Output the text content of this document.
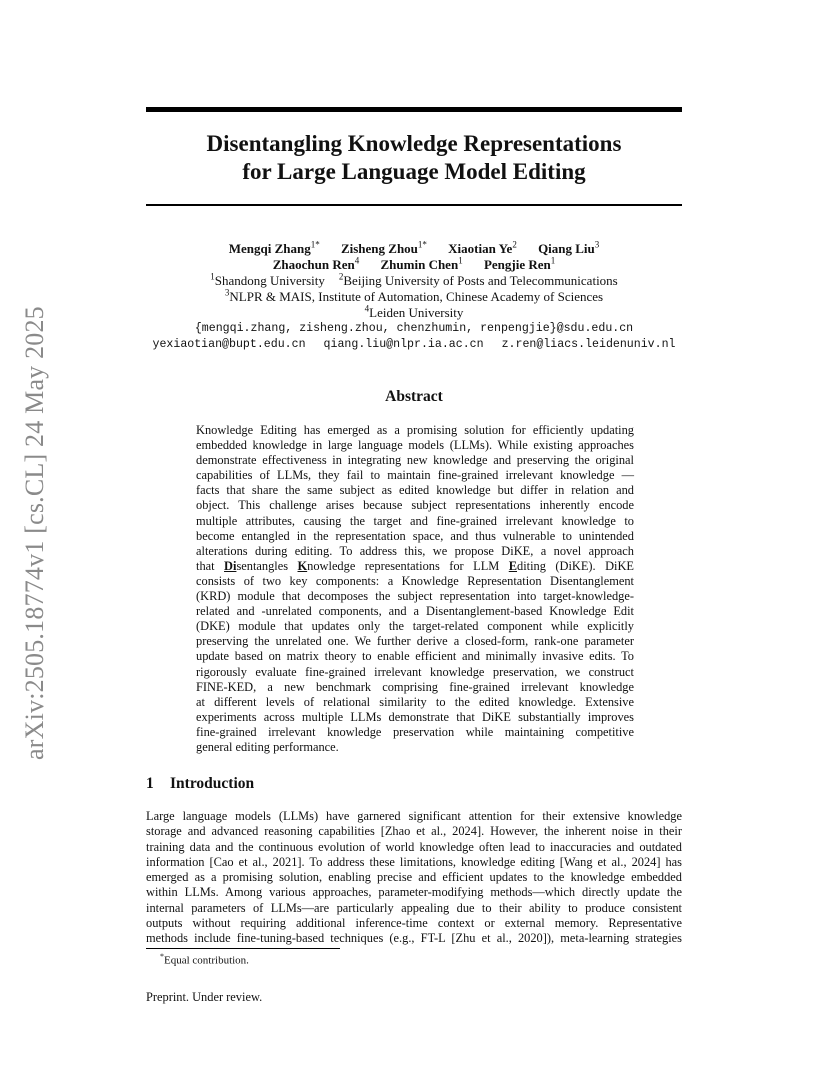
arXiv:2505.18774v1 [cs.CL] 24 May 2025
Disentangling Knowledge Representations
for Large Language Model Editing
Mengqi Zhang$^{1*}$ Zisheng Zhou$^{1*}$ Xiaotian Ye$^2$ Qiang Liu$^3$
Zhaochun Ren$^4$ Zhumin Chen$^1$ Pengjie Ren$^1$
$^1$Shandong University $^2$Beijing University of Posts and Telecommunications
$^3$NLPR & MAIS, Institute of Automation, Chinese Academy of Sciences
$^4$Leiden University
{mengqi.zhang, zisheng.zhou, chenzhumin, renpengjie}@sdu.edu.cn
yexiaotian@bupt.edu.cn qiang.liu@nlpr.ia.ac.cn z.ren@liacs.leidenuniv.nl
Abstract
Knowledge Editing has emerged as a promising solution for efficiently updating
embedded knowledge in large language models (LLMs). While existing approaches
demonstrate effectiveness in integrating new knowledge and preserving the original
capabilities of LLMs, they fail to maintain fine-grained irrelevant knowledge —
facts that share the same subject as edited knowledge but differ in relation and
object. This challenge arises because subject representations inherently encode
multiple attributes, causing the target and fine-grained irrelevant knowledge to
become entangled in the representation space, and thus vulnerable to unintended
alterations during editing. To address this, we propose DiKE, a novel approach
that Disentangles Knowledge representations for LLM Editing (DiKE). DiKE
consists of two key components: a Knowledge Representation Disentanglement
(KRD) module that decomposes the subject representation into target-knowledge-
related and -unrelated components, and a Disentanglement-based Knowledge Edit
(DKE) module that updates only the target-related component while explicitly
preserving the unrelated one. We further derive a closed-form, rank-one parameter
update based on matrix theory to enable efficient and minimally invasive edits. To
rigorously evaluate fine-grained irrelevant knowledge preservation, we construct
FINE-KED, a new benchmark comprising fine-grained irrelevant knowledge
at different levels of relational similarity to the edited knowledge. Extensive
experiments across multiple LLMs demonstrate that DiKE substantially improves
fine-grained irrelevant knowledge preservation while maintaining competitive
general editing performance.
1 Introduction
Large language models (LLMs) have garnered significant attention for their extensive knowledge
storage and advanced reasoning capabilities [Zhao et al., 2024]. However, the inherent noise in their
training data and the continuous evolution of world knowledge often lead to inaccuracies and outdated
information [Cao et al., 2021]. To address these limitations, knowledge editing [Wang et al., 2024] has
emerged as a promising solution, enabling precise and efficient updates to the knowledge embedded
within LLMs. Among various approaches, parameter-modifying methods—which directly update the
internal parameters of LLMs—are particularly appealing due to their ability to produce consistent
outputs without requiring additional inference-time context or external memory. Representative
methods include fine-tuning-based techniques (e.g., FT-L [Zhu et al., 2020]), meta-learning strategies
*Equal contribution.
Preprint. Under review.
